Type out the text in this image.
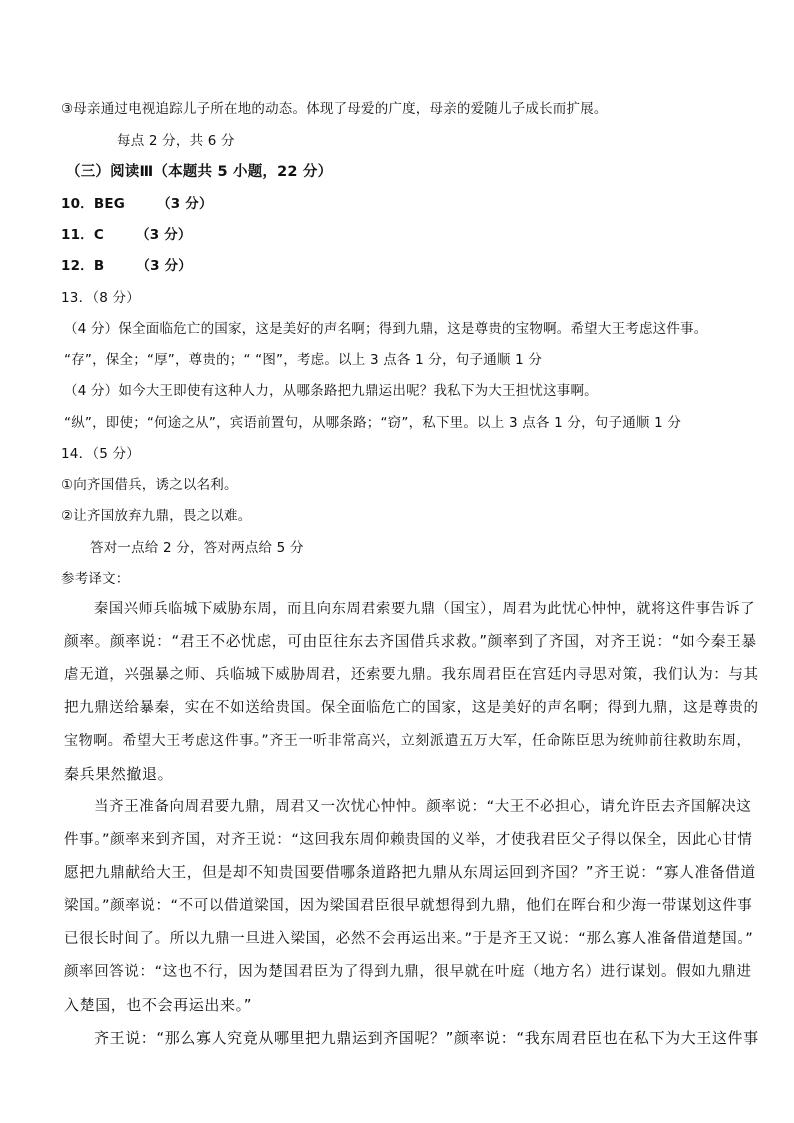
③母亲通过电视追踪儿子所在地的动态。体现了母爱的广度，母亲的爱随儿子成长而扩展。
每点 2 分，共 6 分
（三）阅读Ⅲ（本题共 5 小题，22 分）
10．BEG （3 分）
11．C （3 分）
12．B （3 分）
13．（8 分）
（4 分）保全面临危亡的国家，这是美好的声名啊；得到九鼎，这是尊贵的宝物啊。希望大王考虑这件事。
“存”，保全；“厚”，尊贵的；“ “图”，考虑。以上 3 点各 1 分，句子通顺 1 分
（4 分）如今大王即使有这种人力，从哪条路把九鼎运出呢？我私下为大王担忧这事啊。
“纵”，即使；“何途之从”，宾语前置句，从哪条路；“窃”，私下里。以上 3 点各 1 分，句子通顺 1 分
14．（5 分）
①向齐国借兵，诱之以名利。
②让齐国放弃九鼎，畏之以难。
答对一点给 2 分，答对两点给 5 分
参考译文：
秦国兴师兵临城下威胁东周，而且向东周君索要九鼎（国宝），周君为此忧心忡忡，就将这件事告诉了
颜率。颜率说：“君王不必忧虑，可由臣往东去齐国借兵求救。”颜率到了齐国，对齐王说：“如今秦王暴
虐无道，兴强暴之师、兵临城下威胁周君，还索要九鼎。我东周君臣在宫廷内寻思对策，我们认为：与其
把九鼎送给暴秦，实在不如送给贵国。保全面临危亡的国家，这是美好的声名啊；得到九鼎，这是尊贵的
宝物啊。希望大王考虑这件事。”齐王一听非常高兴，立刻派遣五万大军，任命陈臣思为统帅前往救助东周，
秦兵果然撤退。
当齐王准备向周君要九鼎，周君又一次忧心忡忡。颜率说：“大王不必担心，请允许臣去齐国解决这
件事。”颜率来到齐国，对齐王说：“这回我东周仰赖贵国的义举，才使我君臣父子得以保全，因此心甘情
愿把九鼎献给大王，但是却不知贵国要借哪条道路把九鼎从东周运回到齐国？”齐王说：“寡人准备借道
梁国。”颜率说：“不可以借道梁国，因为梁国君臣很早就想得到九鼎，他们在晖台和少海一带谋划这件事
已很长时间了。所以九鼎一旦进入梁国，必然不会再运出来。”于是齐王又说：“那么寡人准备借道楚国。”
颜率回答说：“这也不行，因为楚国君臣为了得到九鼎，很早就在叶庭（地方名）进行谋划。假如九鼎进
入楚国，也不会再运出来。”
齐王说：“那么寡人究竟从哪里把九鼎运到齐国呢？”颜率说：“我东周君臣也在私下为大王这件事
